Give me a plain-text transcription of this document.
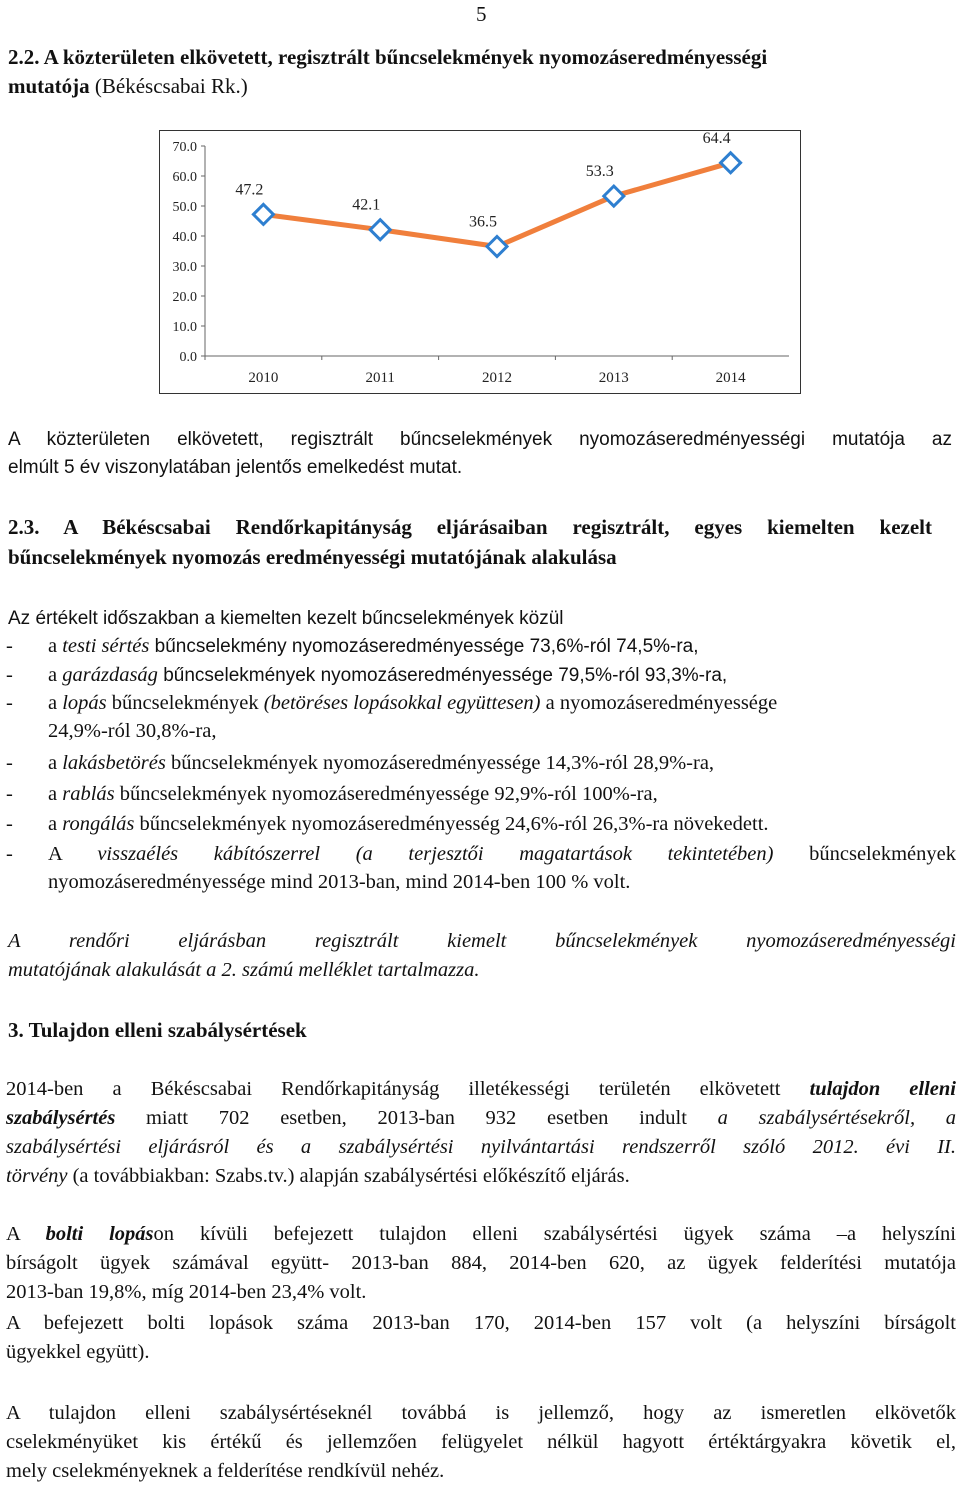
5
2.2. A közterületen elkövetett, regisztrált bűncselekmények nyomozáseredményességi
mutatója (Békéscsabai Rk.)
0.0
10.0
20.0
30.0
40.0
50.0
60.0
70.0
2010	2011	2012	2013	2014
47.2
42.1
36.5
53.3
64.4
A közterületen elkövetett, regisztrált bűncselekmények nyomozáseredményességi mutatója az
elmúlt 5 év viszonylatában jelentős emelkedést mutat.
2.3. A Békéscsabai Rendőrkapitányság eljárásaiban regisztrált, egyes kiemelten kezelt
bűncselekmények nyomozás eredményességi mutatójának alakulása
Az értékelt időszakban a kiemelten kezelt bűncselekmények közül
- a testi sértés bűncselekmény nyomozáseredményessége 73,6%-ról 74,5%-ra,
- a garázdaság bűncselekmények nyomozáseredményessége 79,5%-ról 93,3%-ra,
- a lopás bűncselekmények (betöréses lopásokkal együttesen) a nyomozáseredményessége
24,9%-ról 30,8%-ra,
- a lakásbetörés bűncselekmények nyomozáseredményessége 14,3%-ról 28,9%-ra,
- a rablás bűncselekmények nyomozáseredményessége 92,9%-ról 100%-ra,
- a rongálás bűncselekmények nyomozáseredményesség 24,6%-ról 26,3%-ra növekedett.
- A visszaélés kábítószerrel (a terjesztői magatartások tekintetében) bűncselekmények
nyomozáseredményessége mind 2013-ban, mind 2014-ben 100 % volt.
A rendőri eljárásban regisztrált kiemelt bűncselekmények nyomozáseredményességi
mutatójának alakulását a 2. számú melléklet tartalmazza.
3. Tulajdon elleni szabálysértések
2014-ben a Békéscsabai Rendőrkapitányság illetékességi területén elkövetett tulajdon elleni
szabálysértés miatt 702 esetben, 2013-ban 932 esetben indult a szabálysértésekről, a
szabálysértési eljárásról és a szabálysértési nyilvántartási rendszerről szóló 2012. évi II.
törvény (a továbbiakban: Szabs.tv.) alapján szabálysértési előkészítő eljárás.
A bolti lopáson kívüli befejezett tulajdon elleni szabálysértési ügyek száma –a helyszíni
bírságolt ügyek számával együtt- 2013-ban 884, 2014-ben 620, az ügyek felderítési mutatója
2013-ban 19,8%, míg 2014-ben 23,4% volt.
A befejezett bolti lopások száma 2013-ban 170, 2014-ben 157 volt (a helyszíni bírságolt
ügyekkel együtt).
A tulajdon elleni szabálysértéseknél továbbá is jellemző, hogy az ismeretlen elkövetők
cselekményüket kis értékű és jellemzően felügyelet nélkül hagyott értéktárgyakra követik el,
mely cselekményeknek a felderítése rendkívül nehéz.
